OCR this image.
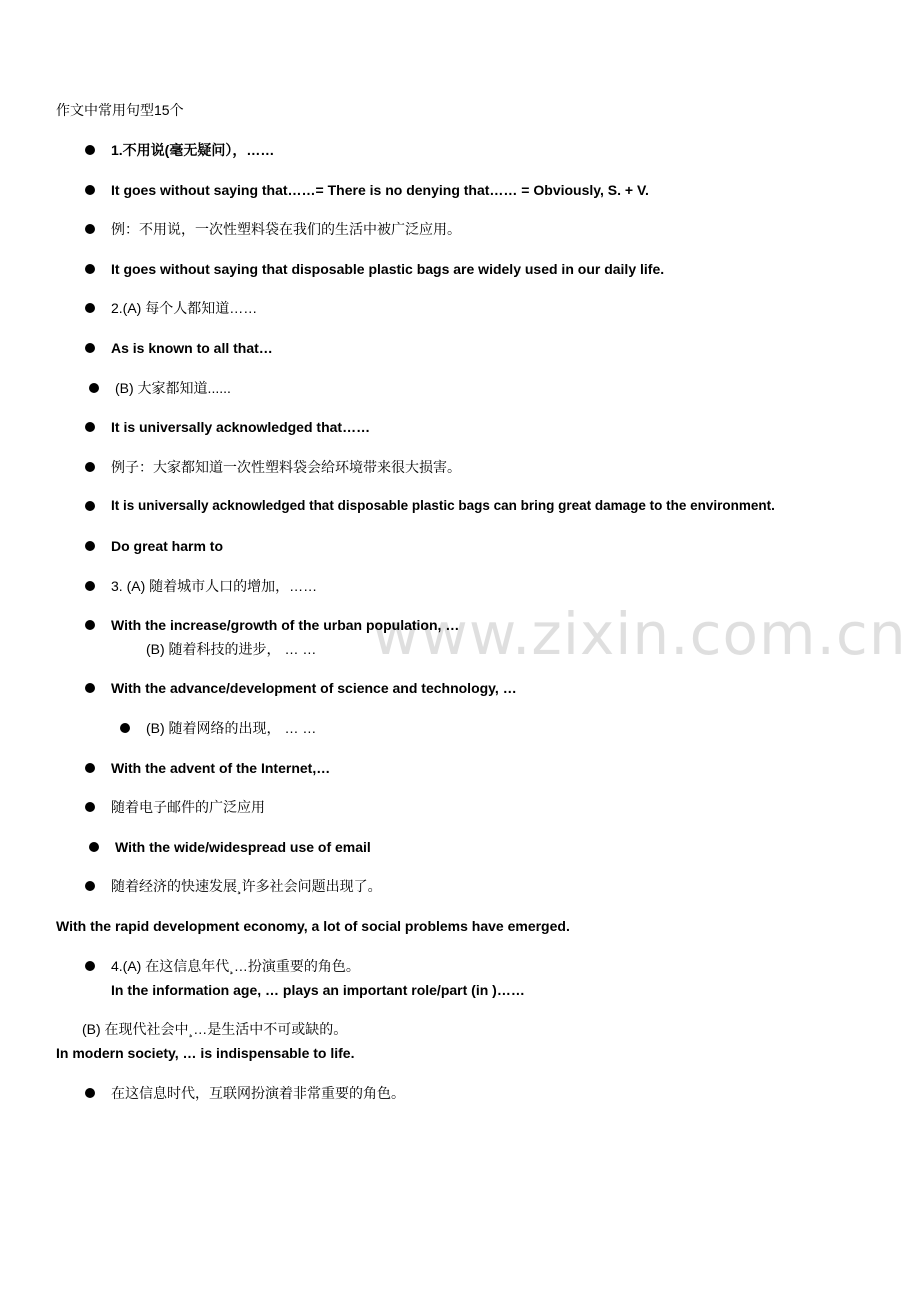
作文中常用句型15个
1.不用说(毫无疑问），……
It goes without saying that……= There is no denying that…… = Obviously, S. + V.
例：不用说，一次性塑料袋在我们的生活中被广泛应用。
It goes without saying that disposable plastic bags are widely used in our daily life.
2.(A) 每个人都知道……
As is known to all that…
(B) 大家都知道......
It is universally acknowledged that……
例子：大家都知道一次性塑料袋会给环境带来很大损害。
It is universally acknowledged that disposable plastic bags can bring great damage to the environment.
Do great harm to
3. (A) 随着城市人口的增加，……
With the increase/growth of the urban population, …
(B) 随着科技的进步， … …
With the advance/development of science and technology, …
(B) 随着网络的出现， … …
With the advent of the Internet,…
随着电子邮件的广泛应用
With the wide/widespread use of email
随着经济的快速发展¸许多社会问题出现了。
With the rapid development economy, a lot of social problems have emerged.
4.(A) 在这信息年代¸…扮演重要的角色。
In the information age, … plays an important role/part (in )……
(B) 在现代社会中¸…是生活中不可或缺的。
In modern society, … is indispensable to life.
在这信息时代，互联网扮演着非常重要的角色。
www.zixin.com.cn
